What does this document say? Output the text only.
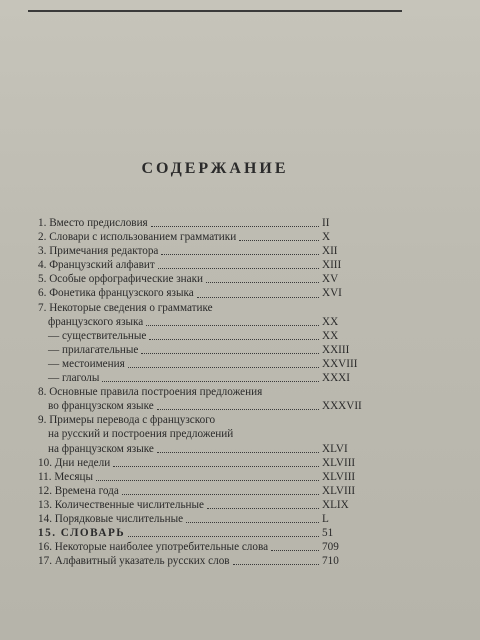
СОДЕРЖАНИЕ
1. Вместо предисловия	II
2. Словари с использованием грамматики	X
3. Примечания редактора	XII
4. Французский алфавит	XIII
5. Особые орфографические знаки	XV
6. Фонетика французского языка	XVI
7. Некоторые сведения о грамматике
французского языка	XX
— существительные	XX
— прилагательные	XXIII
— местоимения	XXVIII
— глаголы	XXXI
8. Основные правила построения предложения
во французском языке	XXXVII
9. Примеры перевода с французского
на русский и построения предложений
на французском языке	XLVI
10. Дни недели	XLVIII
11. Месяцы	XLVIII
12. Времена года	XLVIII
13. Количественные числительные	XLIX
14. Порядковые числительные	L
15. СЛОВАРЬ	51
16. Некоторые наиболее употребительные слова	709
17. Алфавитный указатель русских слов	710
